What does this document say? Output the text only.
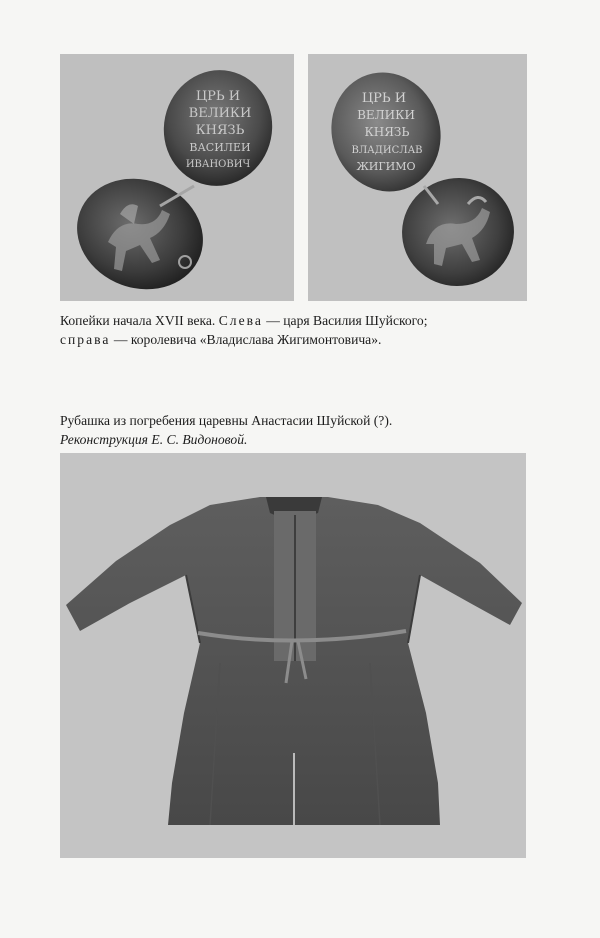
ЦРЬ И
ВЕЛИКИ
КНЯЗЬ
ВАСИЛЕИ
ИВАНОВИЧ
ЦРЬ И
ВЕЛИКИ
КНЯЗЬ
ВЛАДИСЛАВ
ЖИГИМО
Копейки начала XVII века. Слева — царя Василия Шуйского;
справа — королевича «Владислава Жигимонтовича».
Рубашка из погребения царевны Анастасии Шуйской (?).
Реконструкция Е. С. Видоновой.
